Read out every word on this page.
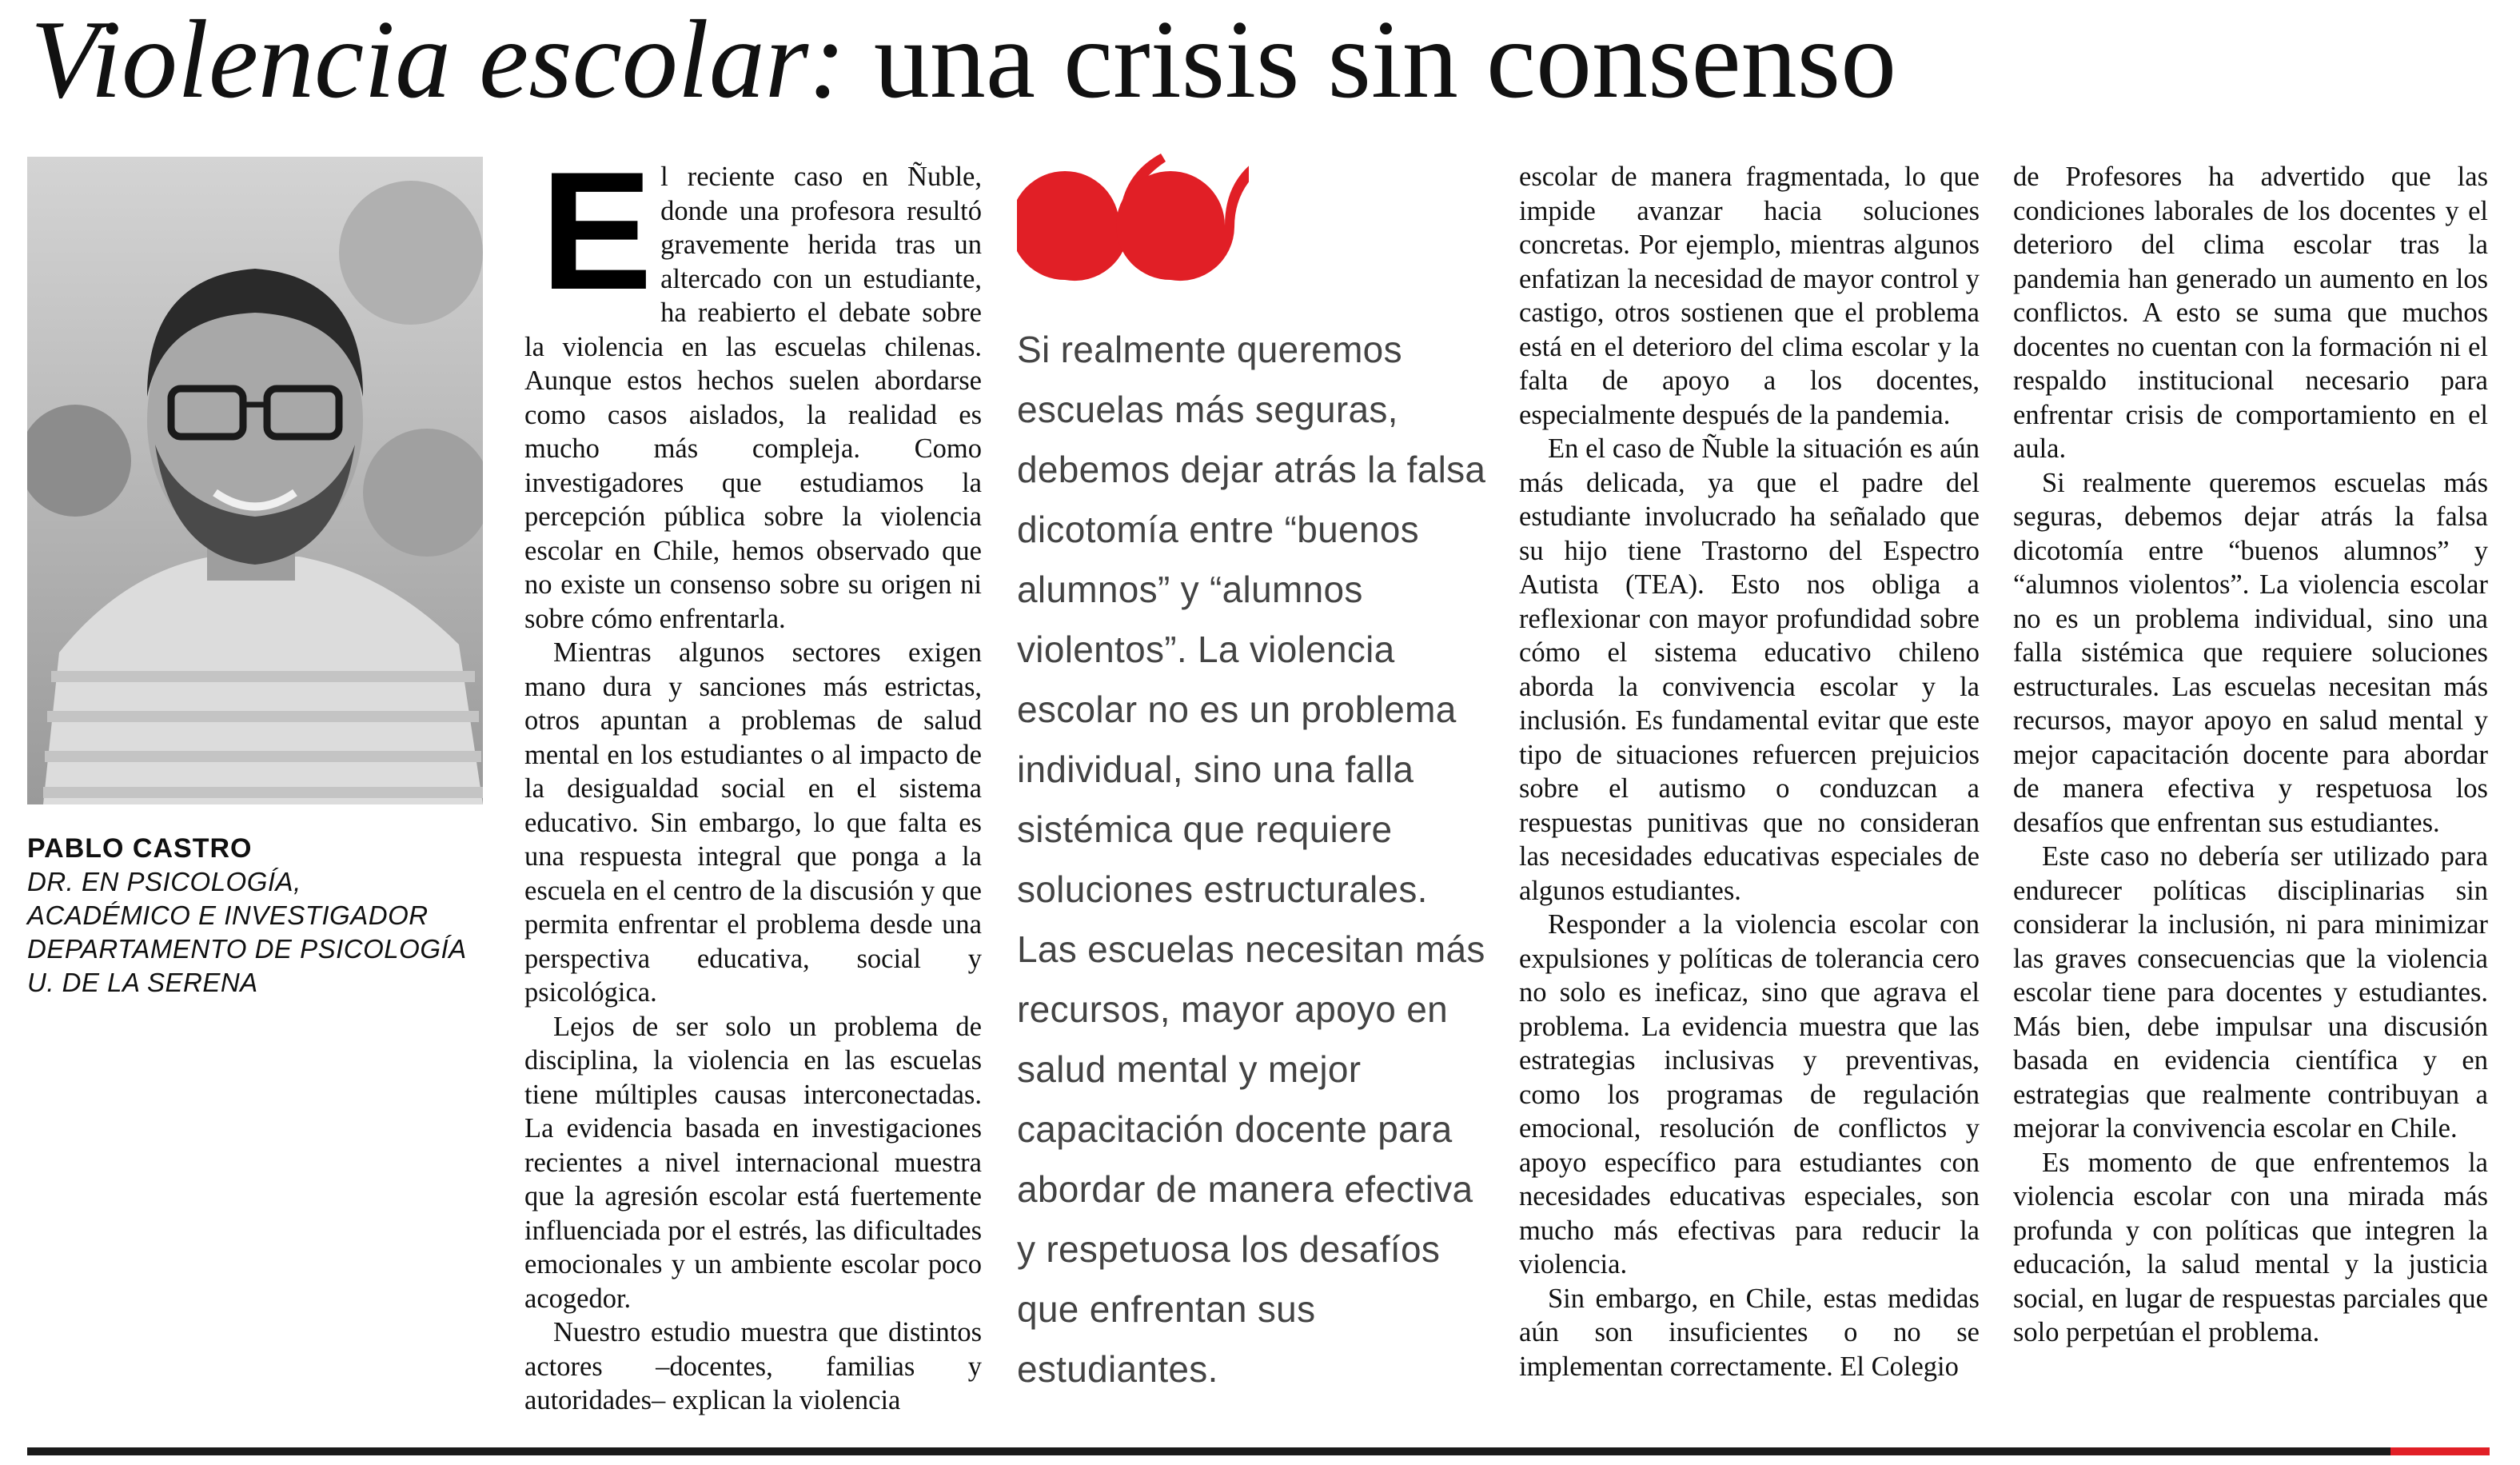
Violencia escolar: una crisis sin consenso
PABLO CASTRO
DR. EN PSICOLOGÍA,
ACADÉMICO E INVESTIGADOR
DEPARTAMENTO DE PSICOLOGÍA
U. DE LA SERENA

El reciente caso en Ñuble, donde una profesora resultó gravemente herida tras un altercado con un estudiante, ha reabierto el debate sobre la violencia en las escuelas chilenas. Aunque estos hechos suelen abordarse como casos aislados, la realidad es mucho más compleja. Como investigadores que estudiamos la percepción pública sobre la violencia escolar en Chile, hemos observado que no existe un consenso sobre su origen ni sobre cómo enfrentarla.

Mientras algunos sectores exigen mano dura y sanciones más estrictas, otros apuntan a problemas de salud mental en los estudiantes o al impacto de la desigualdad social en el sistema educativo. Sin embargo, lo que falta es una respuesta integral que ponga a la escuela en el centro de la discusión y que permita enfrentar el problema desde una perspectiva educativa, social y psicológica.

Lejos de ser solo un problema de disciplina, la violencia en las escuelas tiene múltiples causas interconectadas. La evidencia basada en investigaciones recientes a nivel internacional muestra que la agresión escolar está fuertemente influenciada por el estrés, las dificultades emocionales y un ambiente escolar poco acogedor.

Nuestro estudio muestra que distintos actores –docentes, familias y autoridades– explican la violencia

Si realmente queremos escuelas más seguras, debemos dejar atrás la falsa dicotomía entre “buenos alumnos” y “alumnos violentos”. La violencia escolar no es un problema individual, sino una falla sistémica que requiere soluciones estructurales. Las escuelas necesitan más recursos, mayor apoyo en salud mental y mejor capacitación docente para abordar de manera efectiva y respetuosa los desafíos que enfrentan sus estudiantes.

escolar de manera fragmentada, lo que impide avanzar hacia soluciones concretas. Por ejemplo, mientras algunos enfatizan la necesidad de mayor control y castigo, otros sostienen que el problema está en el deterioro del clima escolar y la falta de apoyo a los docentes, especialmente después de la pandemia.

En el caso de Ñuble la situación es aún más delicada, ya que el padre del estudiante involucrado ha señalado que su hijo tiene Trastorno del Espectro Autista (TEA). Esto nos obliga a reflexionar con mayor profundidad sobre cómo el sistema educativo chileno aborda la convivencia escolar y la inclusión. Es fundamental evitar que este tipo de situaciones refuercen prejuicios sobre el autismo o conduzcan a respuestas punitivas que no consideran las necesidades educativas especiales de algunos estudiantes.

Responder a la violencia escolar con expulsiones y políticas de tolerancia cero no solo es ineficaz, sino que agrava el problema. La evidencia muestra que las estrategias inclusivas y preventivas, como los programas de regulación emocional, resolución de conflictos y apoyo específico para estudiantes con necesidades educativas especiales, son mucho más efectivas para reducir la violencia.

Sin embargo, en Chile, estas medidas aún son insuficientes o no se implementan correctamente. El Colegio

de Profesores ha advertido que las condiciones laborales de los docentes y el deterioro del clima escolar tras la pandemia han generado un aumento en los conflictos. A esto se suma que muchos docentes no cuentan con la formación ni el respaldo institucional necesario para enfrentar crisis de comportamiento en el aula.

Si realmente queremos escuelas más seguras, debemos dejar atrás la falsa dicotomía entre “buenos alumnos” y “alumnos violentos”. La violencia escolar no es un problema individual, sino una falla sistémica que requiere soluciones estructurales. Las escuelas necesitan más recursos, mayor apoyo en salud mental y mejor capacitación docente para abordar de manera efectiva y respetuosa los desafíos que enfrentan sus estudiantes.

Este caso no debería ser utilizado para endurecer políticas disciplinarias sin considerar la inclusión, ni para minimizar las graves consecuencias que la violencia escolar tiene para docentes y estudiantes. Más bien, debe impulsar una discusión basada en evidencia científica y en estrategias que realmente contribuyan a mejorar la convivencia escolar en Chile.

Es momento de que enfrentemos la violencia escolar con una mirada más profunda y con políticas que integren la educación, la salud mental y la justicia social, en lugar de respuestas parciales que solo perpetúan el problema.
